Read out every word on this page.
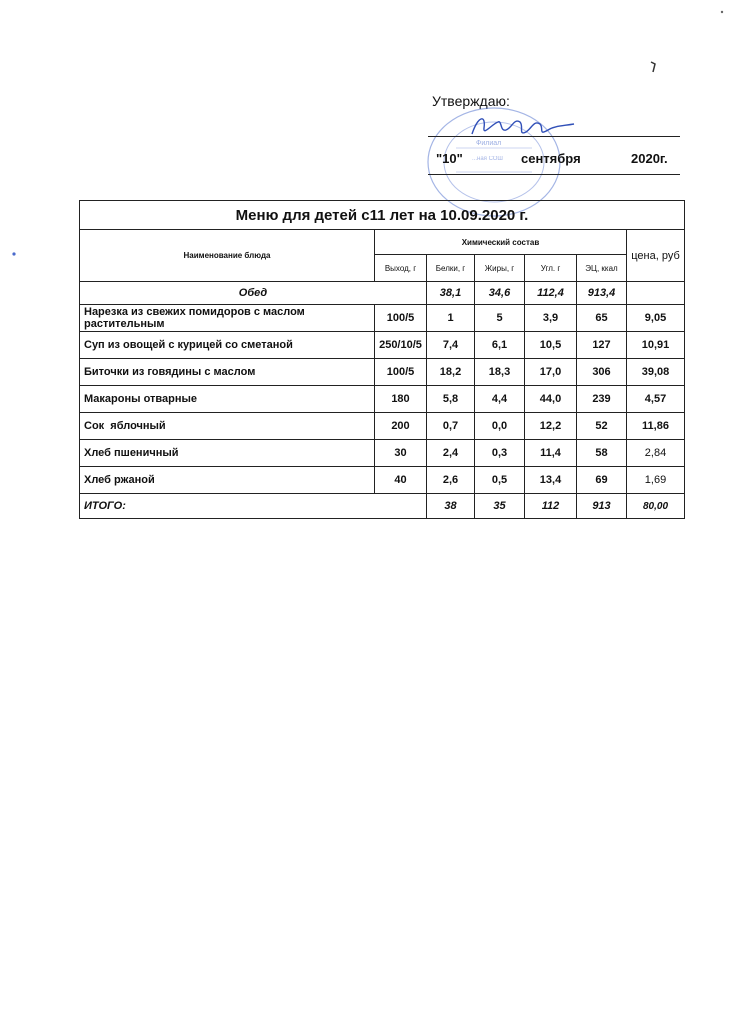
Утверждаю:
Филиал
...ная СОШ
"10"	сентября	2020г.
Меню для детей с11 лет на 10.09.2020 г.						
Наименование блюда	Химический состав					цена, руб
	Выход, г	Белки, г	Жиры, г	Угл. г	ЭЦ, ккал	
Обед		38,1	34,6	112,4	913,4	
Нарезка из свежих помидоров с маслом растительным	100/5	1	5	3,9	65	9,05
Суп из овощей с курицей со сметаной	250/10/5	7,4	6,1	10,5	127	10,91
Биточки из говядины с маслом	100/5	18,2	18,3	17,0	306	39,08
Макароны отварные	180	5,8	4,4	44,0	239	4,57
Сок  яблочный	200	0,7	0,0	12,2	52	11,86
Хлеб пшеничный	30	2,4	0,3	11,4	58	2,84
Хлеб ржаной	40	2,6	0,5	13,4	69	1,69
ИТОГО:		38	35	112	913	80,00
